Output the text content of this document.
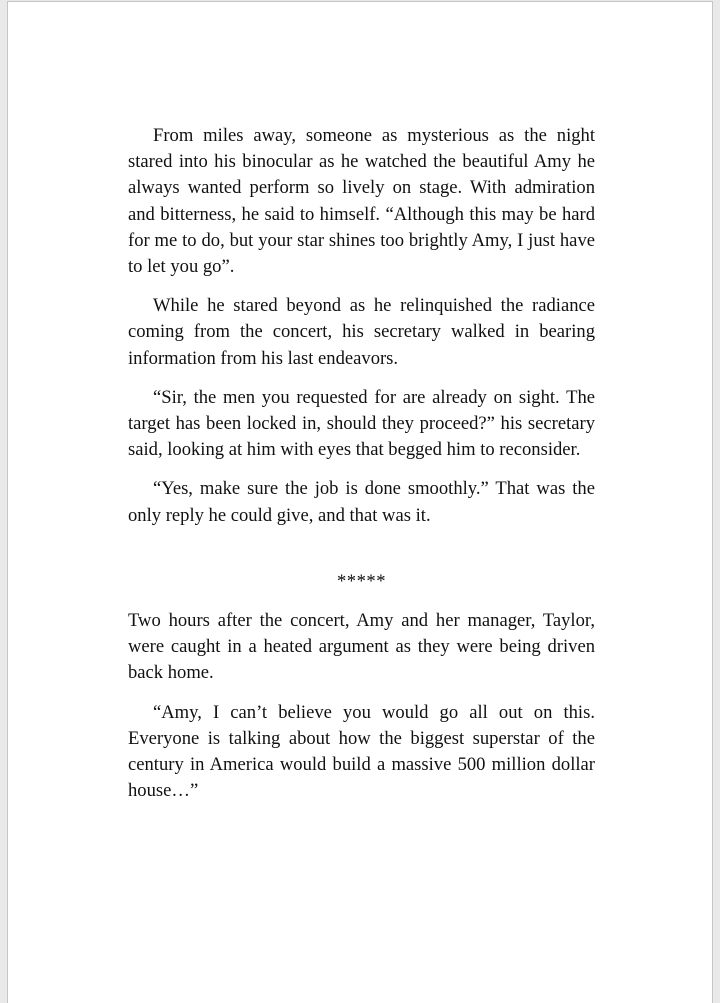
From miles away, someone as mysterious as the night stared into his binocular as he watched the beautiful Amy he always wanted perform so lively on stage. With admiration and bitterness, he said to himself. “Although this may be hard for me to do, but your star shines too brightly Amy, I just have to let you go”.

While he stared beyond as he relinquished the radiance coming from the concert, his secretary walked in bearing information from his last endeavors.

“Sir, the men you requested for are already on sight. The target has been locked in, should they proceed?” his secretary said, looking at him with eyes that begged him to reconsider.

“Yes, make sure the job is done smoothly.” That was the only reply he could give, and that was it.

*****

Two hours after the concert, Amy and her manager, Taylor, were caught in a heated argument as they were being driven back home.

“Amy, I can’t believe you would go all out on this. Everyone is talking about how the biggest superstar of the century in America would build a massive 500 million dollar house…”
